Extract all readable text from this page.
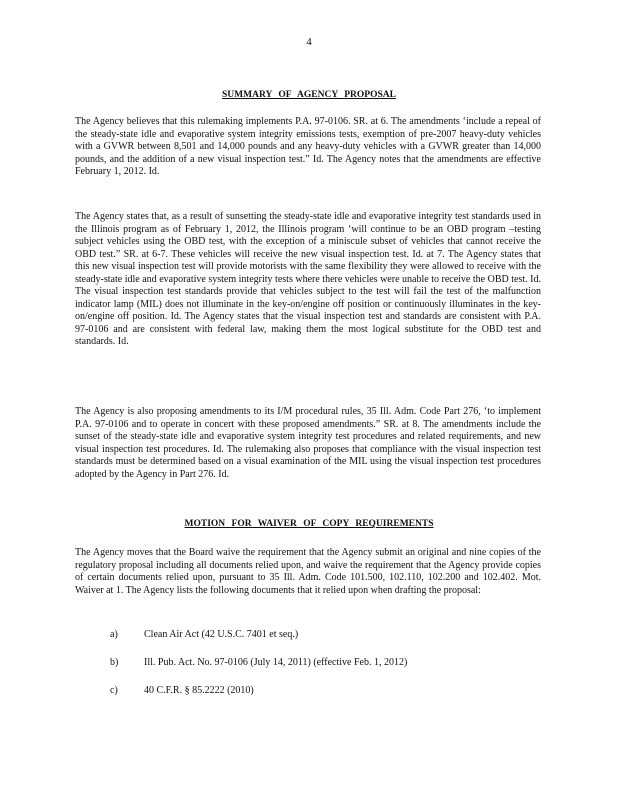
4
SUMMARY OF AGENCY PROPOSAL

The Agency believes that this rulemaking implements P.A. 97-0106. SR. at 6. The amendments ‘include a repeal of the steady-state idle and evaporative system integrity emissions tests, exemption of pre-2007 heavy-duty vehicles with a GVWR between 8,501 and 14,000 pounds and any heavy-duty vehicles with a GVWR greater than 14,000 pounds, and the addition of a new visual inspection test.” Id. The Agency notes that the amendments are effective February 1, 2012. Id.

The Agency states that, as a result of sunsetting the steady-state idle and evaporative integrity test standards used in the Illinois program as of February 1, 2012, the Illinois program ‘will continue to be an OBD program –testing subject vehicles using the OBD test, with the exception of a miniscule subset of vehicles that cannot receive the OBD test.” SR. at 6-7. These vehicles will receive the new visual inspection test. Id. at 7. The Agency states that this new visual inspection test will provide motorists with the same flexibility they were allowed to receive with the steady-state idle and evaporative system integrity tests where there vehicles were unable to receive the OBD test. Id. The visual inspection test standards provide that vehicles subject to the test will fail the test of the malfunction indicator lamp (MIL) does not illuminate in the key-on/engine off position or continuously illuminates in the key-on/engine off position. Id. The Agency states that the visual inspection test and standards are consistent with P.A. 97-0106 and are consistent with federal law, making them the most logical substitute for the OBD test and standards. Id.

The Agency is also proposing amendments to its I/M procedural rules, 35 Ill. Adm. Code Part 276, ‘to implement P.A. 97-0106 and to operate in concert with these proposed amendments.” SR. at 8. The amendments include the sunset of the steady-state idle and evaporative system integrity test procedures and related requirements, and new visual inspection test procedures. Id. The rulemaking also proposes that compliance with the visual inspection test standards must be determined based on a visual examination of the MIL using the visual inspection test procedures adopted by the Agency in Part 276. Id.

MOTION FOR WAIVER OF COPY REQUIREMENTS

The Agency moves that the Board waive the requirement that the Agency submit an original and nine copies of the regulatory proposal including all documents relied upon, and waive the requirement that the Agency provide copies of certain documents relied upon, pursuant to 35 Ill. Adm. Code 101.500, 102.110, 102.200 and 102.402. Mot. Waiver at 1. The Agency lists the following documents that it relied upon when drafting the proposal:

a)	Clean Air Act (42 U.S.C. 7401 et seq.)
b)	Ill. Pub. Act. No. 97-0106 (July 14, 2011) (effective Feb. 1, 2012)
c)	40 C.F.R. § 85.2222 (2010)
